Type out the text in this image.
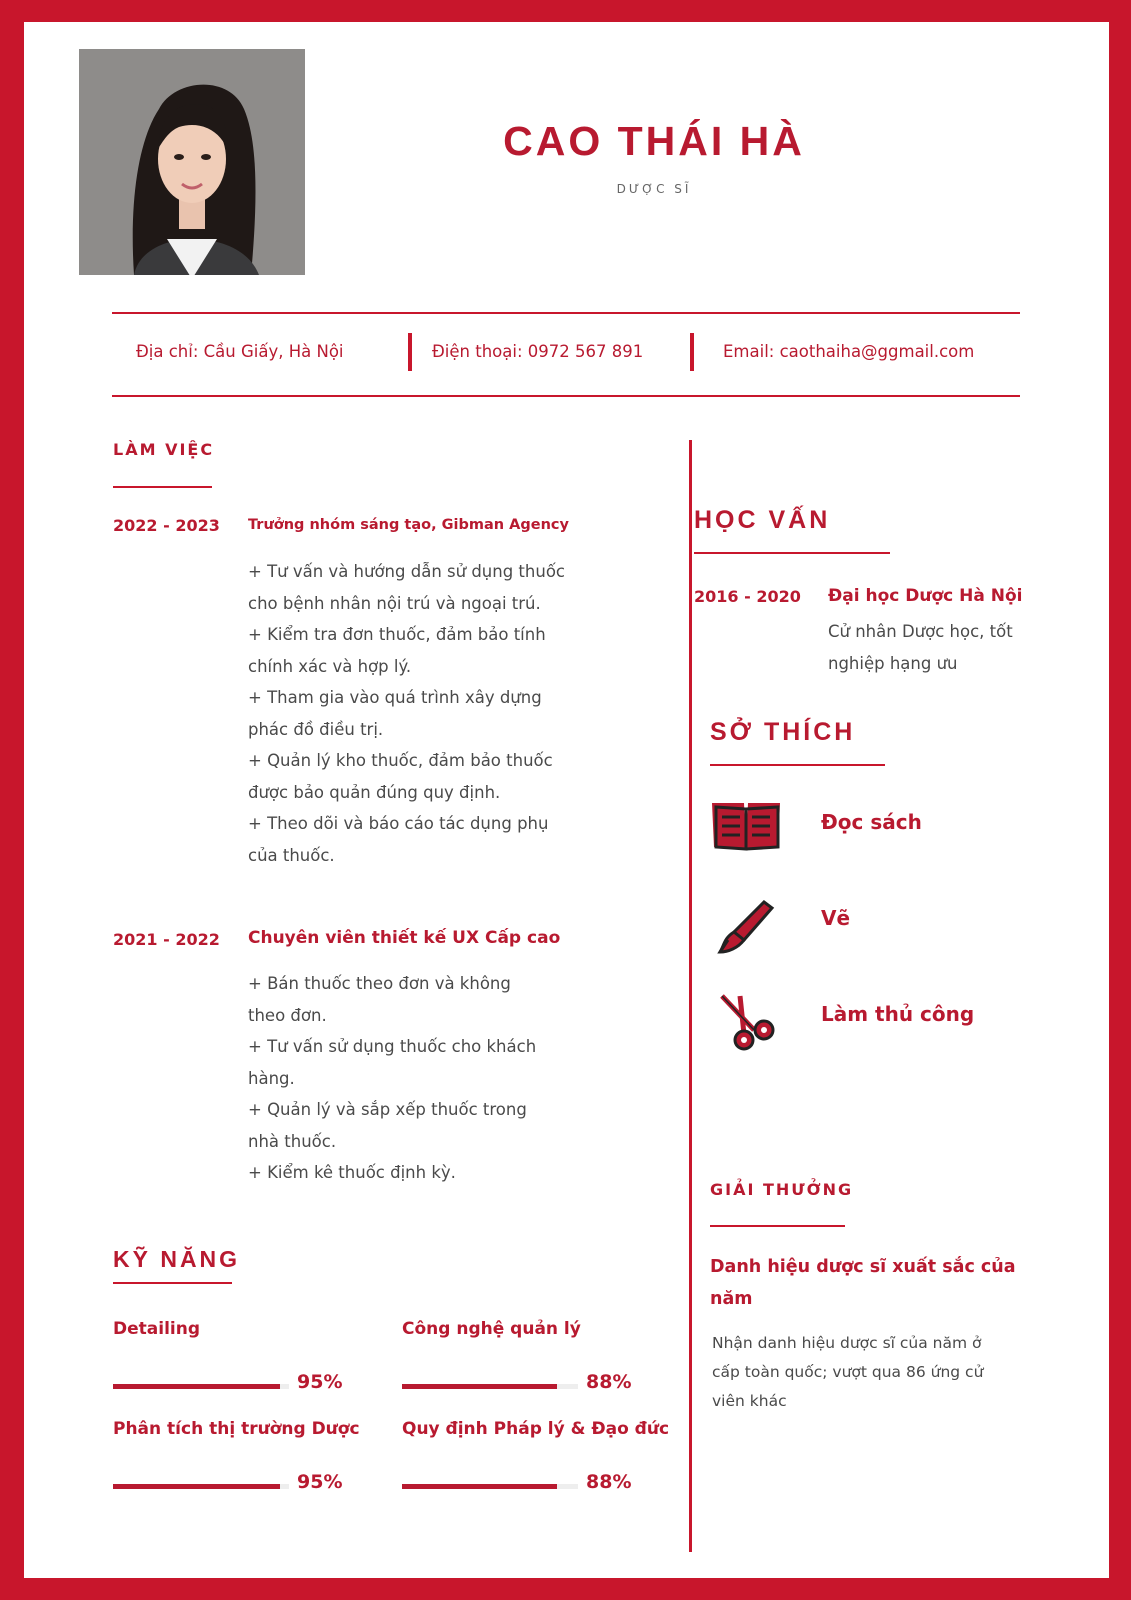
CAO THÁI HÀ
DƯỢC SĨ
Địa chỉ: Cầu Giấy, Hà Nội	Điện thoại: 0972 567 891	Email: caothaiha@ggmail.com
LÀM VIỆC
2022 - 2023 Trưởng nhóm sáng tạo, Gibman Agency
+ Tư vấn và hướng dẫn sử dụng thuốc
cho bệnh nhân nội trú và ngoại trú.
+ Kiểm tra đơn thuốc, đảm bảo tính
chính xác và hợp lý.
+ Tham gia vào quá trình xây dựng
phác đồ điều trị.
+ Quản lý kho thuốc, đảm bảo thuốc
được bảo quản đúng quy định.
+ Theo dõi và báo cáo tác dụng phụ
của thuốc.
2021 - 2022 Chuyên viên thiết kế UX Cấp cao
+ Bán thuốc theo đơn và không
theo đơn.
+ Tư vấn sử dụng thuốc cho khách
hàng.
+ Quản lý và sắp xếp thuốc trong
nhà thuốc.
+ Kiểm kê thuốc định kỳ.
KỸ NĂNG
Detailing
95%
Công nghệ quản lý
88%
Phân tích thị trường Dược
95%
Quy định Pháp lý & Đạo đức
88%
HỌC VẤN
2016 - 2020 Đại học Dược Hà Nội
Cử nhân Dược học, tốt
nghiệp hạng ưu
SỞ THÍCH
Đọc sách
Vẽ
Làm thủ công
GIẢI THƯỞNG
Danh hiệu dược sĩ xuất sắc của
năm
Nhận danh hiệu dược sĩ của năm ở
cấp toàn quốc; vượt qua 86 ứng cử
viên khác
